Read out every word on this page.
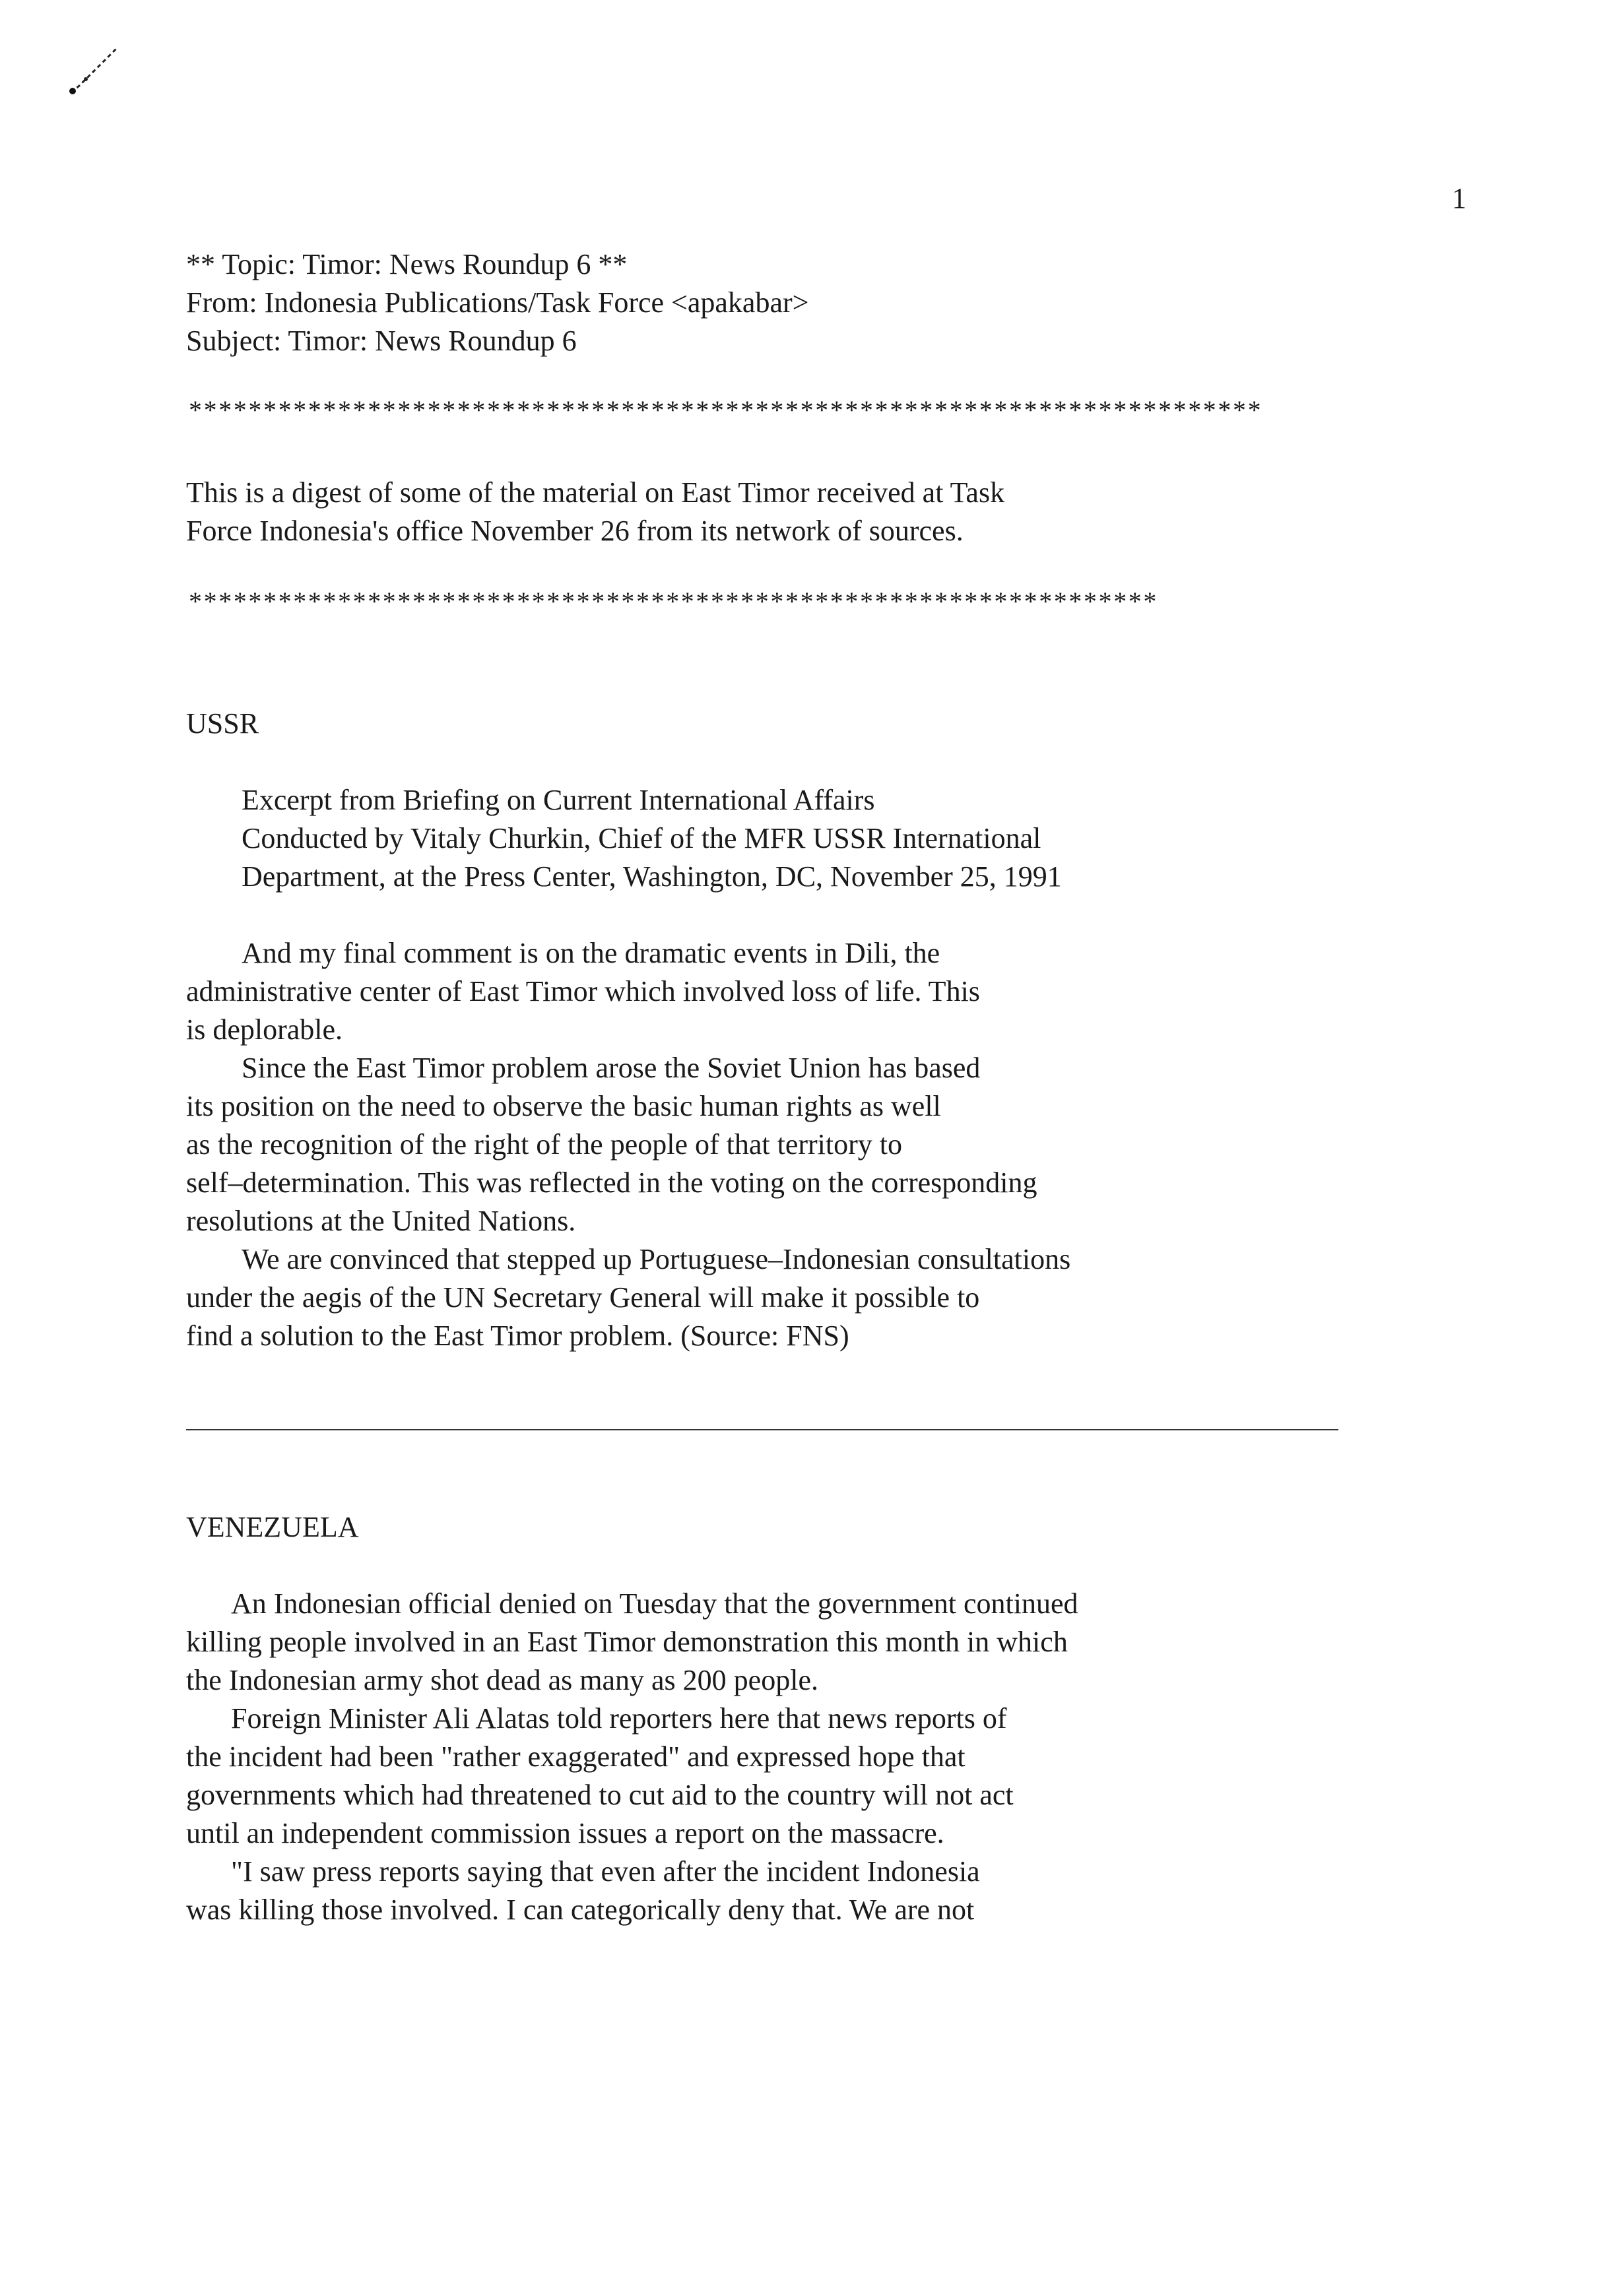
1
** Topic: Timor: News Roundup 6 **
From: Indonesia Publications/Task Force <apakabar>
Subject: Timor: News Roundup 6
************************************************************************
This is a digest of some of the material on East Timor received at Task
Force Indonesia's office November 26 from its network of sources.
*****************************************************************
USSR
Excerpt from Briefing on Current International Affairs
Conducted by Vitaly Churkin, Chief of the MFR USSR International
Department, at the Press Center, Washington, DC, November 25, 1991
And my final comment is on the dramatic events in Dili, the
administrative center of East Timor which involved loss of life. This
is deplorable.
Since the East Timor problem arose the Soviet Union has based
its position on the need to observe the basic human rights as well
as the recognition of the right of the people of that territory to
self–determination. This was reflected in the voting on the corresponding
resolutions at the United Nations.
We are convinced that stepped up Portuguese–Indonesian consultations
under the aegis of the UN Secretary General will make it possible to
find a solution to the East Timor problem. (Source: FNS)
VENEZUELA
An Indonesian official denied on Tuesday that the government continued
killing people involved in an East Timor demonstration this month in which
the Indonesian army shot dead as many as 200 people.
Foreign Minister Ali Alatas told reporters here that news reports of
the incident had been "rather exaggerated" and expressed hope that
governments which had threatened to cut aid to the country will not act
until an independent commission issues a report on the massacre.
"I saw press reports saying that even after the incident Indonesia
was killing those involved. I can categorically deny that. We are not
